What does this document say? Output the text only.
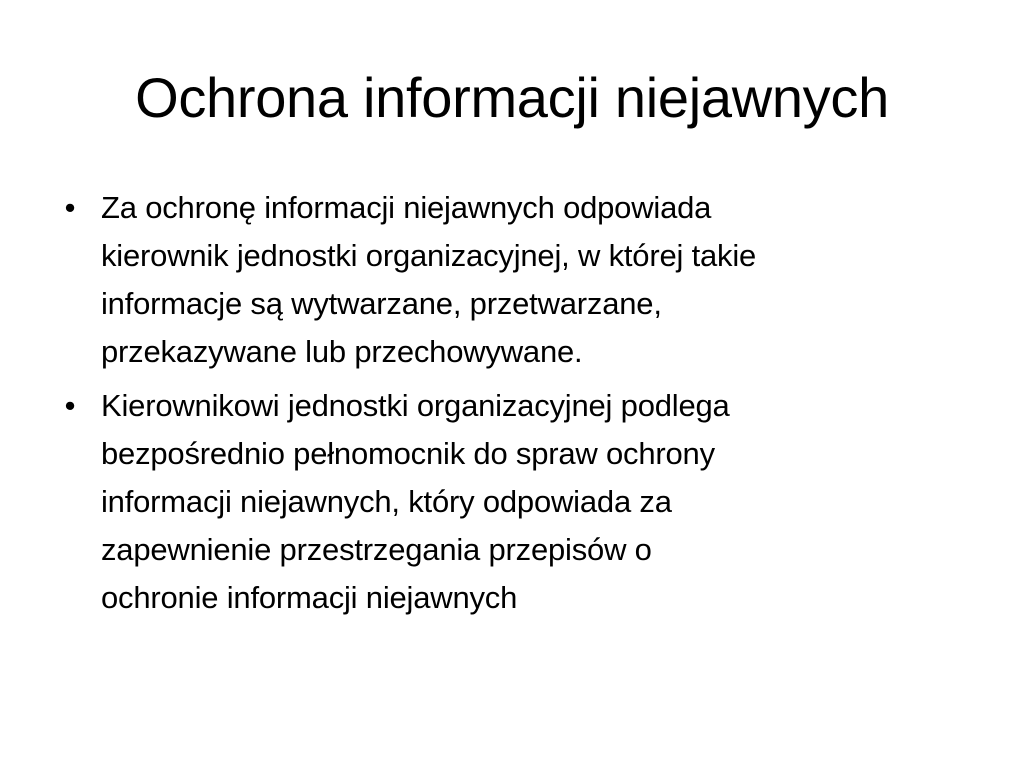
Ochrona informacji niejawnych
• Za ochronę informacji niejawnych odpowiada
kierownik jednostki organizacyjnej, w której takie
informacje są wytwarzane, przetwarzane,
przekazywane lub przechowywane.
• Kierownikowi jednostki organizacyjnej podlega
bezpośrednio pełnomocnik do spraw ochrony
informacji niejawnych, który odpowiada za
zapewnienie przestrzegania przepisów o
ochronie informacji niejawnych
